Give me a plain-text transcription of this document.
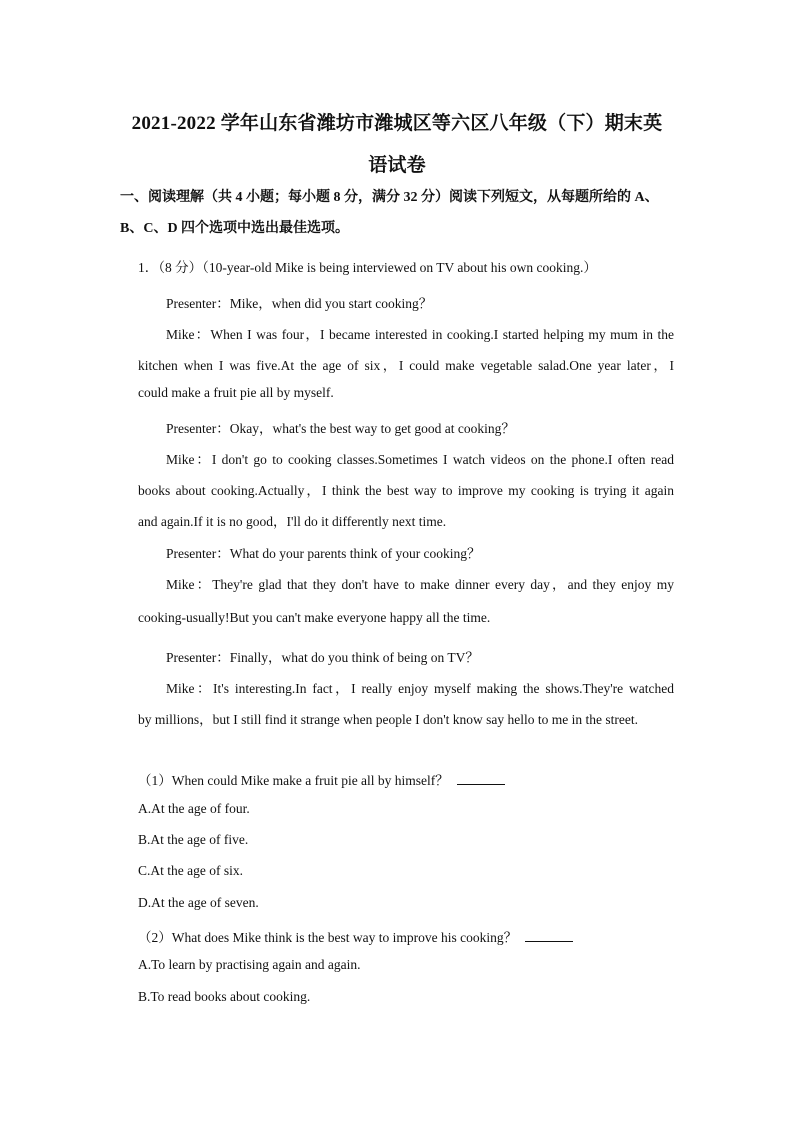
2021-2022 学年山东省潍坊市潍城区等六区八年级（下）期末英
语试卷
一、阅读理解（共 4 小题；每小题 8 分，满分 32 分）阅读下列短文，从每题所给的 A、B、C、D 四个选项中选出最佳选项。
1．（8 分）（10-year-old Mike is being interviewed on TV about his own cooking.）
Presenter：Mike，when did you start cooking？
Mike：When I was four，I became interested in cooking.I started helping my mum in the
kitchen when I was five.At the age of six，I could make vegetable salad.One year later，I
could make a fruit pie all by myself.
Presenter：Okay，what's the best way to get good at cooking？
Mike：I don't go to cooking classes.Sometimes I watch videos on the phone.I often read
books about cooking.Actually，I think the best way to improve my cooking is trying it again
and again.If it is no good，I'll do it differently next time.
Presenter：What do your parents think of your cooking？
Mike：They're glad that they don't have to make dinner every day，and they enjoy my
cooking-usually!But you can't make everyone happy all the time.
Presenter：Finally，what do you think of being on TV？
Mike：It's interesting.In fact，I really enjoy myself making the shows.They're watched
by millions，but I still find it strange when people I don't know say hello to me in the street.
（1）When could Mike make a fruit pie all by himself？
A.At the age of four.
B.At the age of five.
C.At the age of six.
D.At the age of seven.
（2）What does Mike think is the best way to improve his cooking？
A.To learn by practising again and again.
B.To read books about cooking.
